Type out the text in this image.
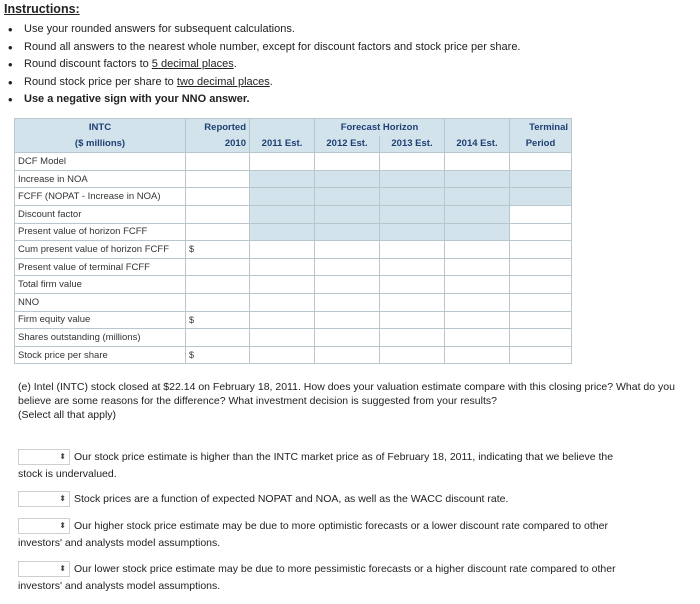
Instructions:
• Use your rounded answers for subsequent calculations.
• Round all answers to the nearest whole number, except for discount factors and stock price per share.
• Round discount factors to 5 decimal places.
• Round stock price per share to two decimal places.
• Use a negative sign with your NNO answer.
INTC	Reported		Forecast Horizon			Terminal
($ millions)	2010	2011 Est.	2012 Est.	2013 Est.	2014 Est.	Period
DCF Model						
Increase in NOA						
FCFF (NOPAT - Increase in NOA)						
Discount factor						
Present value of horizon FCFF						
Cum present value of horizon FCFF	$					
Present value of terminal FCFF						
Total firm value						
NNO						
Firm equity value	$					
Shares outstanding (millions)						
Stock price per share	$					
(e) Intel (INTC) stock closed at $22.14 on February 18, 2011. How does your valuation estimate compare with this closing price? What do you believe are some reasons for the difference? What investment decision is suggested from your results?
(Select all that apply)
⬍ Our stock price estimate is higher than the INTC market price as of February 18, 2011, indicating that we believe the
stock is undervalued.
⬍ Stock prices are a function of expected NOPAT and NOA, as well as the WACC discount rate.
⬍ Our higher stock price estimate may be due to more optimistic forecasts or a lower discount rate compared to other
investors' and analysts model assumptions.
⬍ Our lower stock price estimate may be due to more pessimistic forecasts or a higher discount rate compared to other
investors' and analysts model assumptions.
